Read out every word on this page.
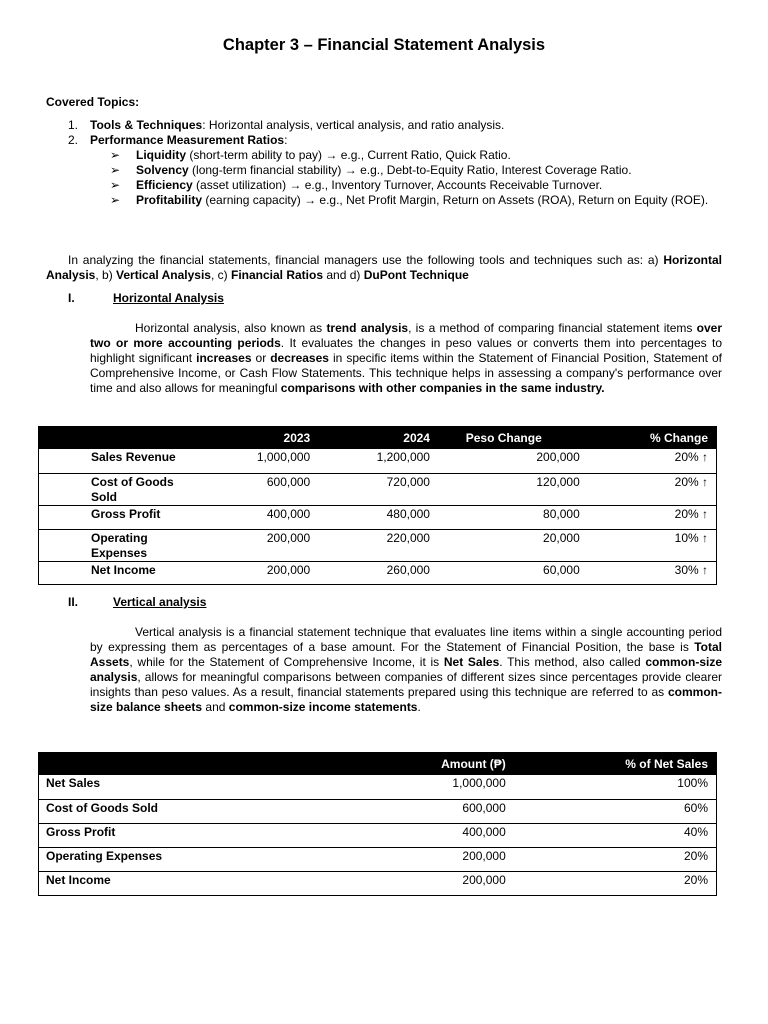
Chapter 3 – Financial Statement Analysis
Covered Topics:
1. Tools & Techniques: Horizontal analysis, vertical analysis, and ratio analysis.
2. Performance Measurement Ratios:
➢ Liquidity (short-term ability to pay) → e.g., Current Ratio, Quick Ratio.
➢ Solvency (long-term financial stability) → e.g., Debt-to-Equity Ratio, Interest Coverage Ratio.
➢ Efficiency (asset utilization) → e.g., Inventory Turnover, Accounts Receivable Turnover.
➢	Profitability (earning capacity) → e.g., Net Profit Margin, Return on Assets (ROA), Return on Equity (ROE).
In analyzing the financial statements, financial managers use the following tools and techniques such as: a) Horizontal Analysis, b) Vertical Analysis, c) Financial Ratios and d) DuPont Technique
I.	Horizontal Analysis
Horizontal analysis, also known as trend analysis, is a method of comparing financial statement items over two or more accounting periods. It evaluates the changes in peso values or converts them into percentages to highlight significant increases or decreases in specific items within the Statement of Financial Position, Statement of Comprehensive Income, or Cash Flow Statements. This technique helps in assessing a company's performance over time and also allows for meaningful comparisons with other companies in the same industry.
	2023	2024	Peso Change	% Change
Sales Revenue	1,000,000	1,200,000	200,000	20% ↑
Cost of Goods Sold	600,000	720,000	120,000	20% ↑
Gross Profit	400,000	480,000	80,000	20% ↑
Operating Expenses	200,000	220,000	20,000	10% ↑
Net Income	200,000	260,000	60,000	30% ↑
II.	Vertical analysis
Vertical analysis is a financial statement technique that evaluates line items within a single accounting period by expressing them as percentages of a base amount. For the Statement of Financial Position, the base is Total Assets, while for the Statement of Comprehensive Income, it is Net Sales. This method, also called common-size analysis, allows for meaningful comparisons between companies of different sizes since percentages provide clearer insights than peso values. As a result, financial statements prepared using this technique are referred to as common-size balance sheets and common-size income statements.
	Amount (₱)	% of Net Sales
Net Sales	1,000,000	100%
Cost of Goods Sold	600,000	60%
Gross Profit	400,000	40%
Operating Expenses	200,000	20%
Net Income	200,000	20%
